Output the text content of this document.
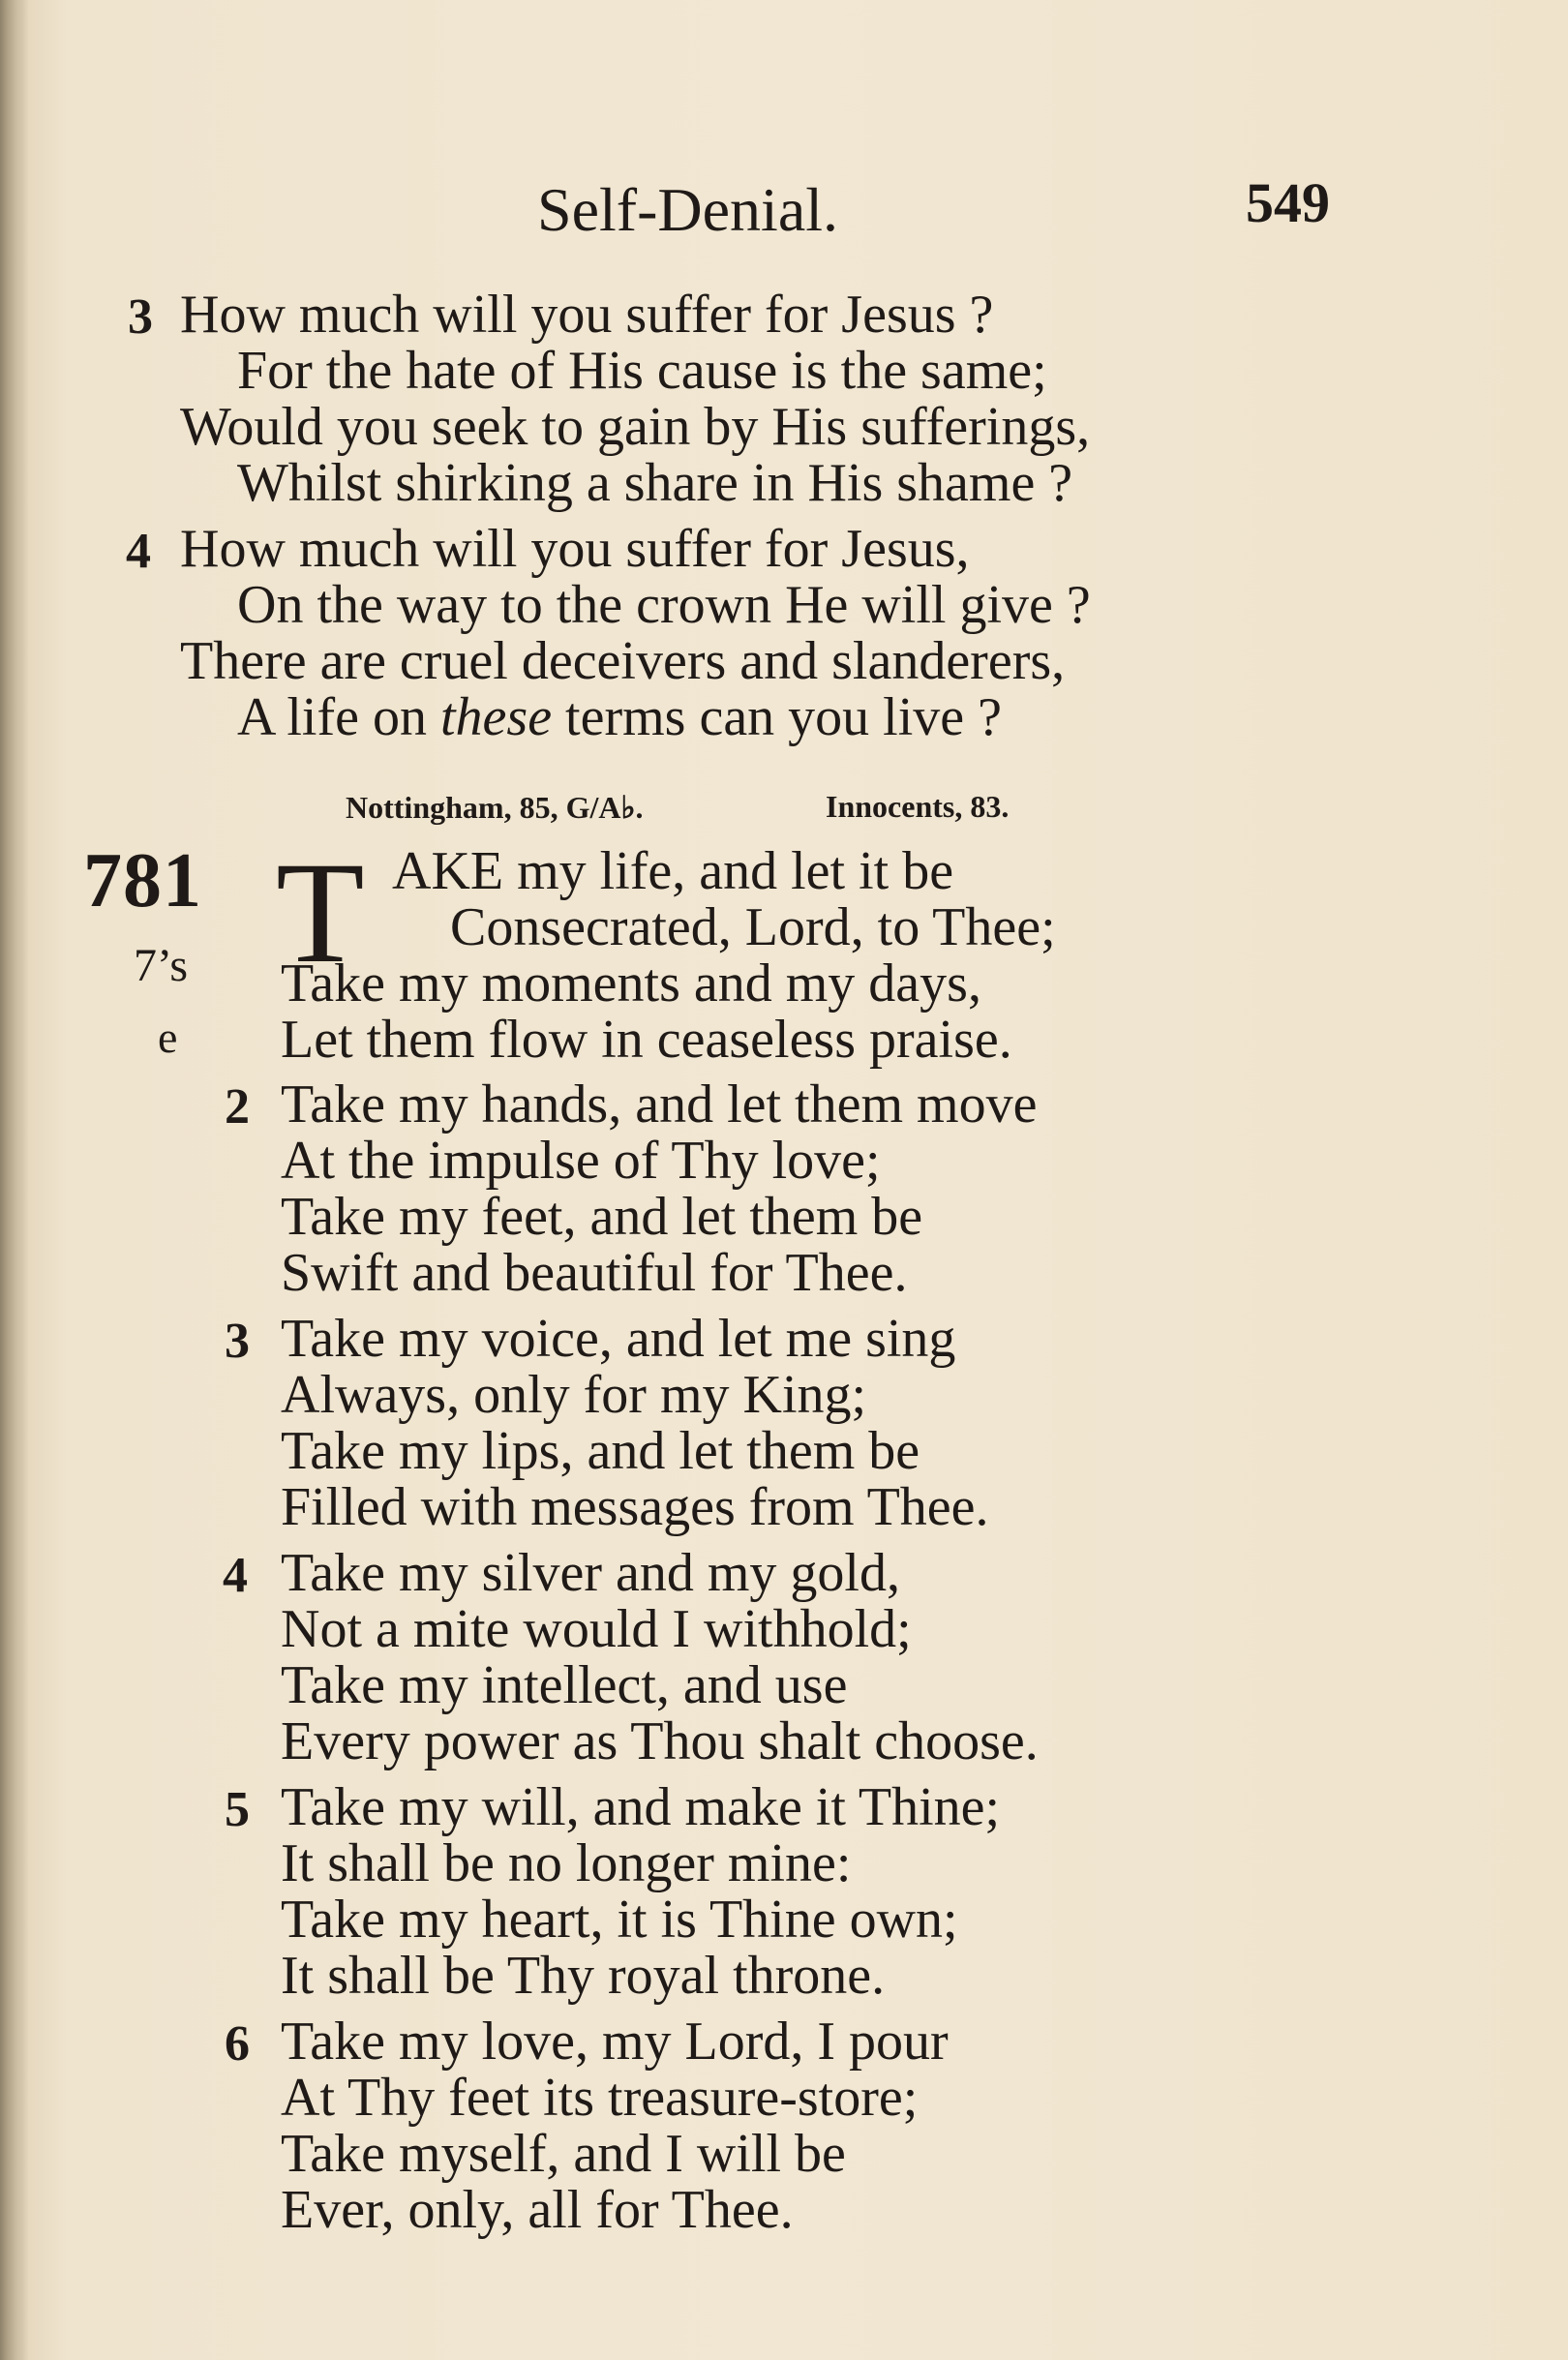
Self-Denial.	549
3 How much will you suffer for Jesus ?
For the hate of His cause is the same;
Would you seek to gain by His sufferings,
Whilst shirking a share in His shame ?
4 How much will you suffer for Jesus,
On the way to the crown He will give ?
There are cruel deceivers and slanderers,
A life on these terms can you live ?
Nottingham, 85, G/A♭.	Innocents, 83.
781
7’s
e
T AKE my life, and let it be
Consecrated, Lord, to Thee;
Take my moments and my days,
Let them flow in ceaseless praise.
2 Take my hands, and let them move
At the impulse of Thy love;
Take my feet, and let them be
Swift and beautiful for Thee.
3 Take my voice, and let me sing
Always, only for my King;
Take my lips, and let them be
Filled with messages from Thee.
4 Take my silver and my gold,
Not a mite would I withhold;
Take my intellect, and use
Every power as Thou shalt choose.
5 Take my will, and make it Thine;
It shall be no longer mine:
Take my heart, it is Thine own;
It shall be Thy royal throne.
6 Take my love, my Lord, I pour
At Thy feet its treasure-store;
Take myself, and I will be
Ever, only, all for Thee.
